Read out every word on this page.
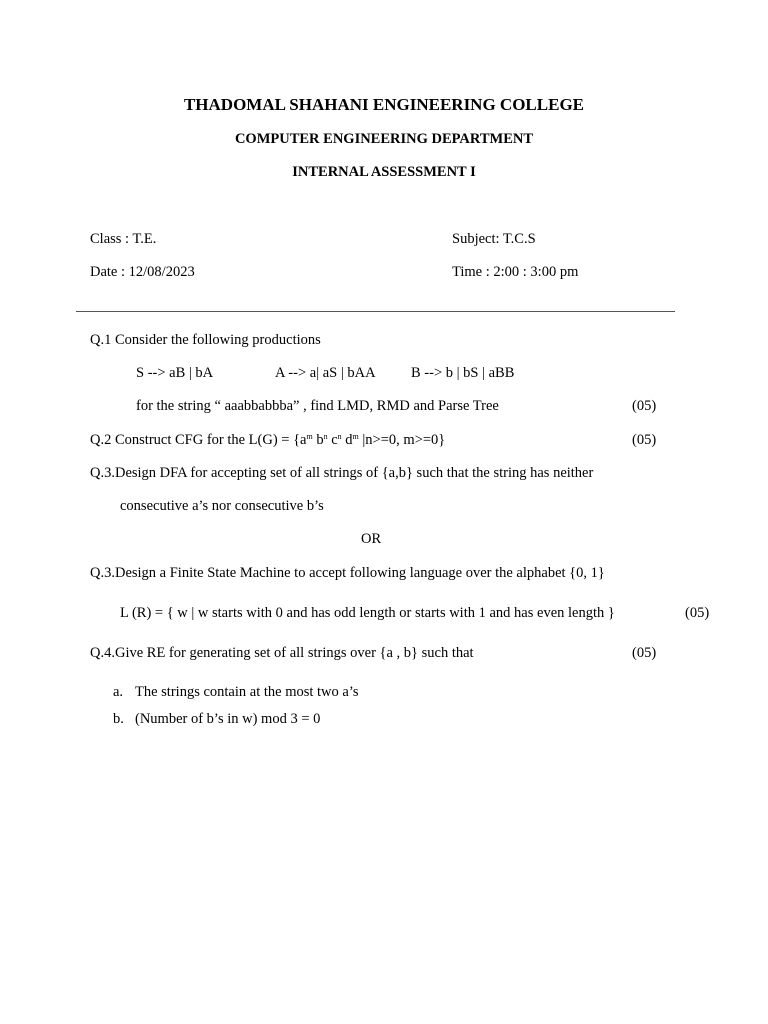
THADOMAL SHAHANI ENGINEERING COLLEGE
COMPUTER ENGINEERING DEPARTMENT
INTERNAL ASSESSMENT I
Class : T.E.	Subject: T.C.S
Date : 12/08/2023	Time : 2:00 : 3:00 pm
Q.1 Consider the following productions
S --> aB | bA	A --> a| aS | bAA B --> b | bS | aBB
for the string “ aaabbabbba” , find LMD, RMD and Parse Tree	(05)
Q.2 Construct CFG for the $L(G) = \{a^m$ $b^n$ $c^n$ $d^m$ |n>=0, m>=0}	(05)
Q.3.Design DFA for accepting set of all strings of {a,b} such that the string has neither
consecutive a’s nor consecutive b’s
OR
Q.3.Design a Finite State Machine to accept following language over the alphabet {0, 1}
L (R) = { w | w starts with 0 and has odd length or starts with 1 and has even length }	(05)
Q.4.Give RE for generating set of all strings over {a , b} such that	(05)
a. The strings contain at the most two a’s
b. (Number of b’s in w) mod 3 = 0
